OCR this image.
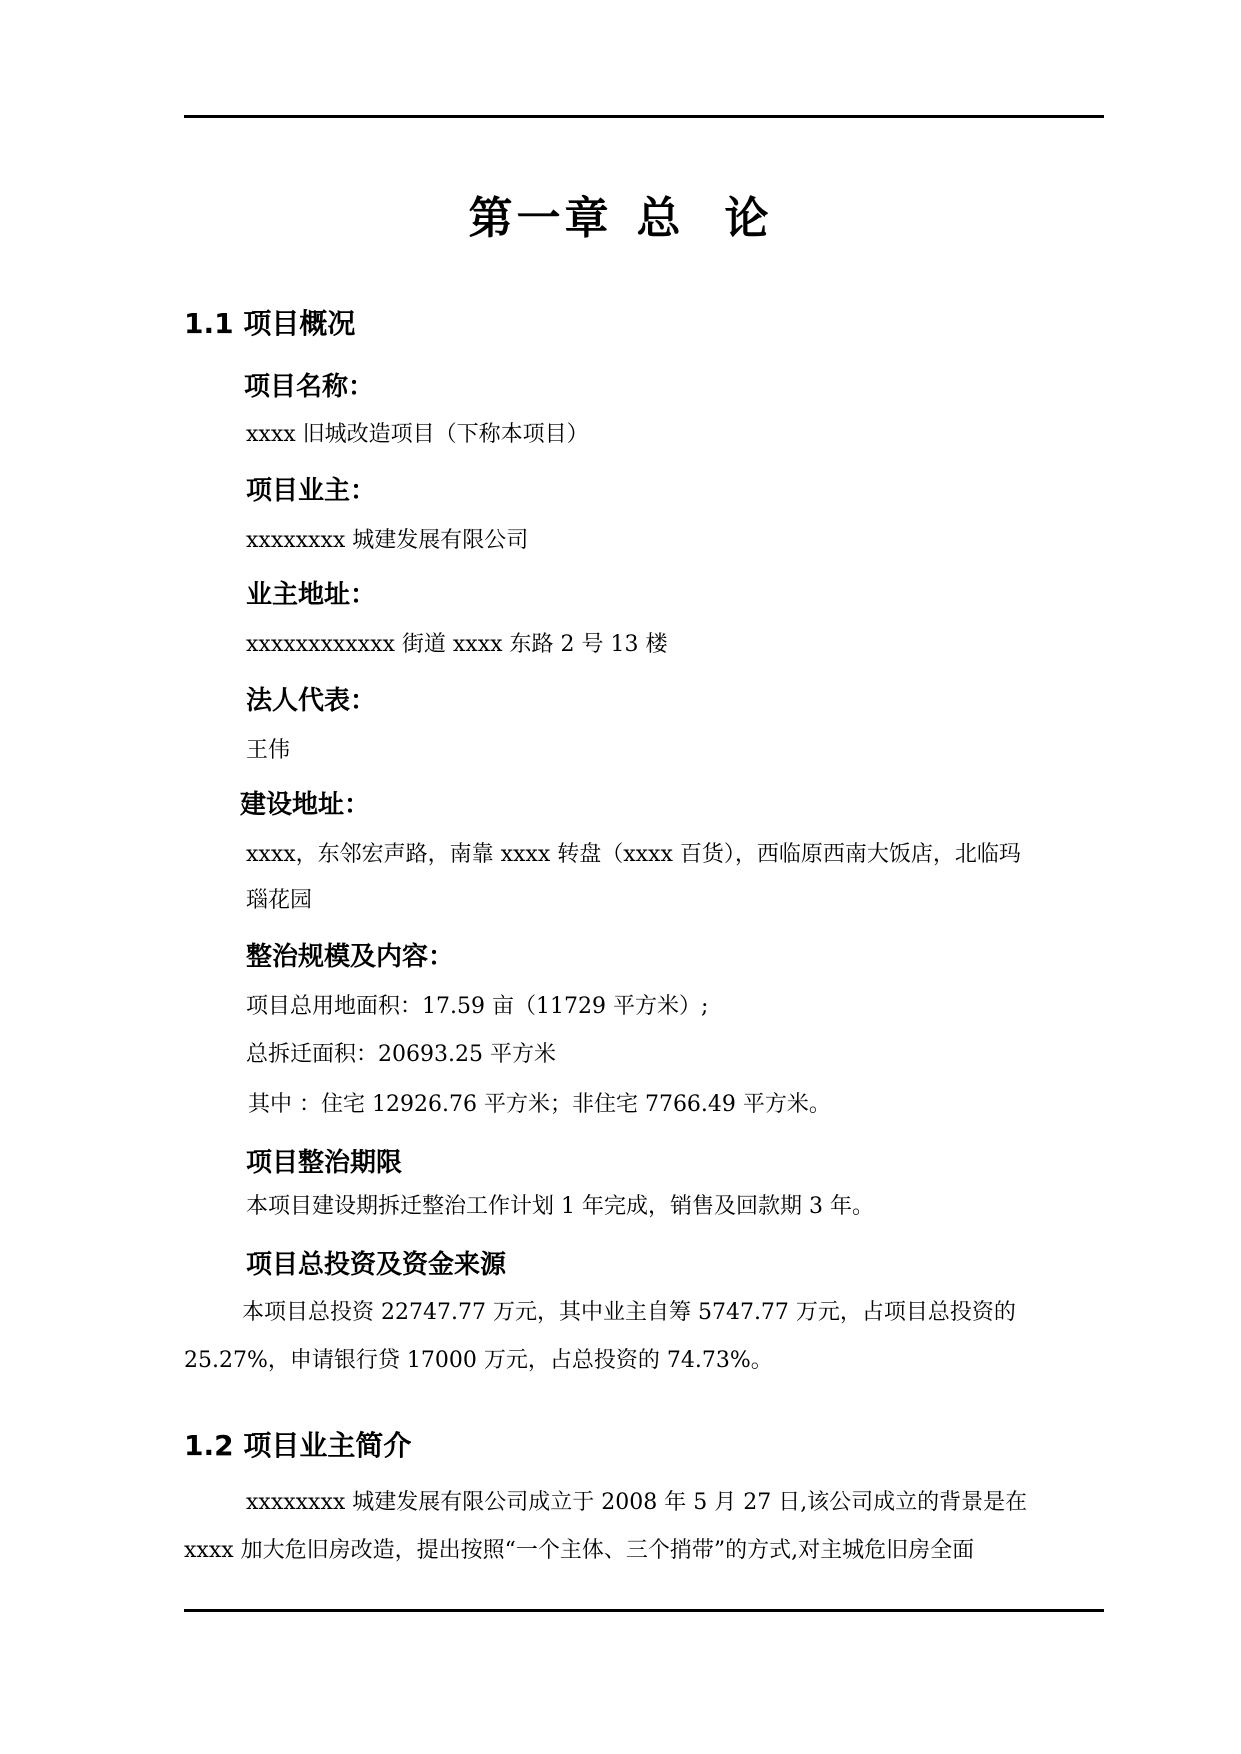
第一章 总 论
1.1 项目概况
项目名称：
xxxx 旧城改造项目（下称本项目）
项目业主：
xxxxxxxx 城建发展有限公司
业主地址：
xxxxxxxxxxxx 街道 xxxx 东路 2 号 13 楼
法人代表：
王伟
建设地址：
xxxx，东邻宏声路，南靠 xxxx 转盘（xxxx 百货），西临原西南大饭店，北临玛
瑙花园
整治规模及内容：
项目总用地面积：17.59 亩（11729 平方米）;
总拆迁面积：20693.25 平方米
其中 ：住宅 12926.76 平方米；非住宅 7766.49 平方米。
项目整治期限
本项目建设期拆迁整治工作计划 1 年完成，销售及回款期 3 年。
项目总投资及资金来源
本项目总投资 22747.77 万元，其中业主自筹 5747.77 万元，占项目总投资的
25.27%，申请银行贷 17000 万元，占总投资的 74.73%。
1.2 项目业主简介
xxxxxxxx 城建发展有限公司成立于 2008 年 5 月 27 日,该公司成立的背景是在
xxxx 加大危旧房改造，提出按照“一个主体、三个捎带”的方式,对主城危旧房全面
